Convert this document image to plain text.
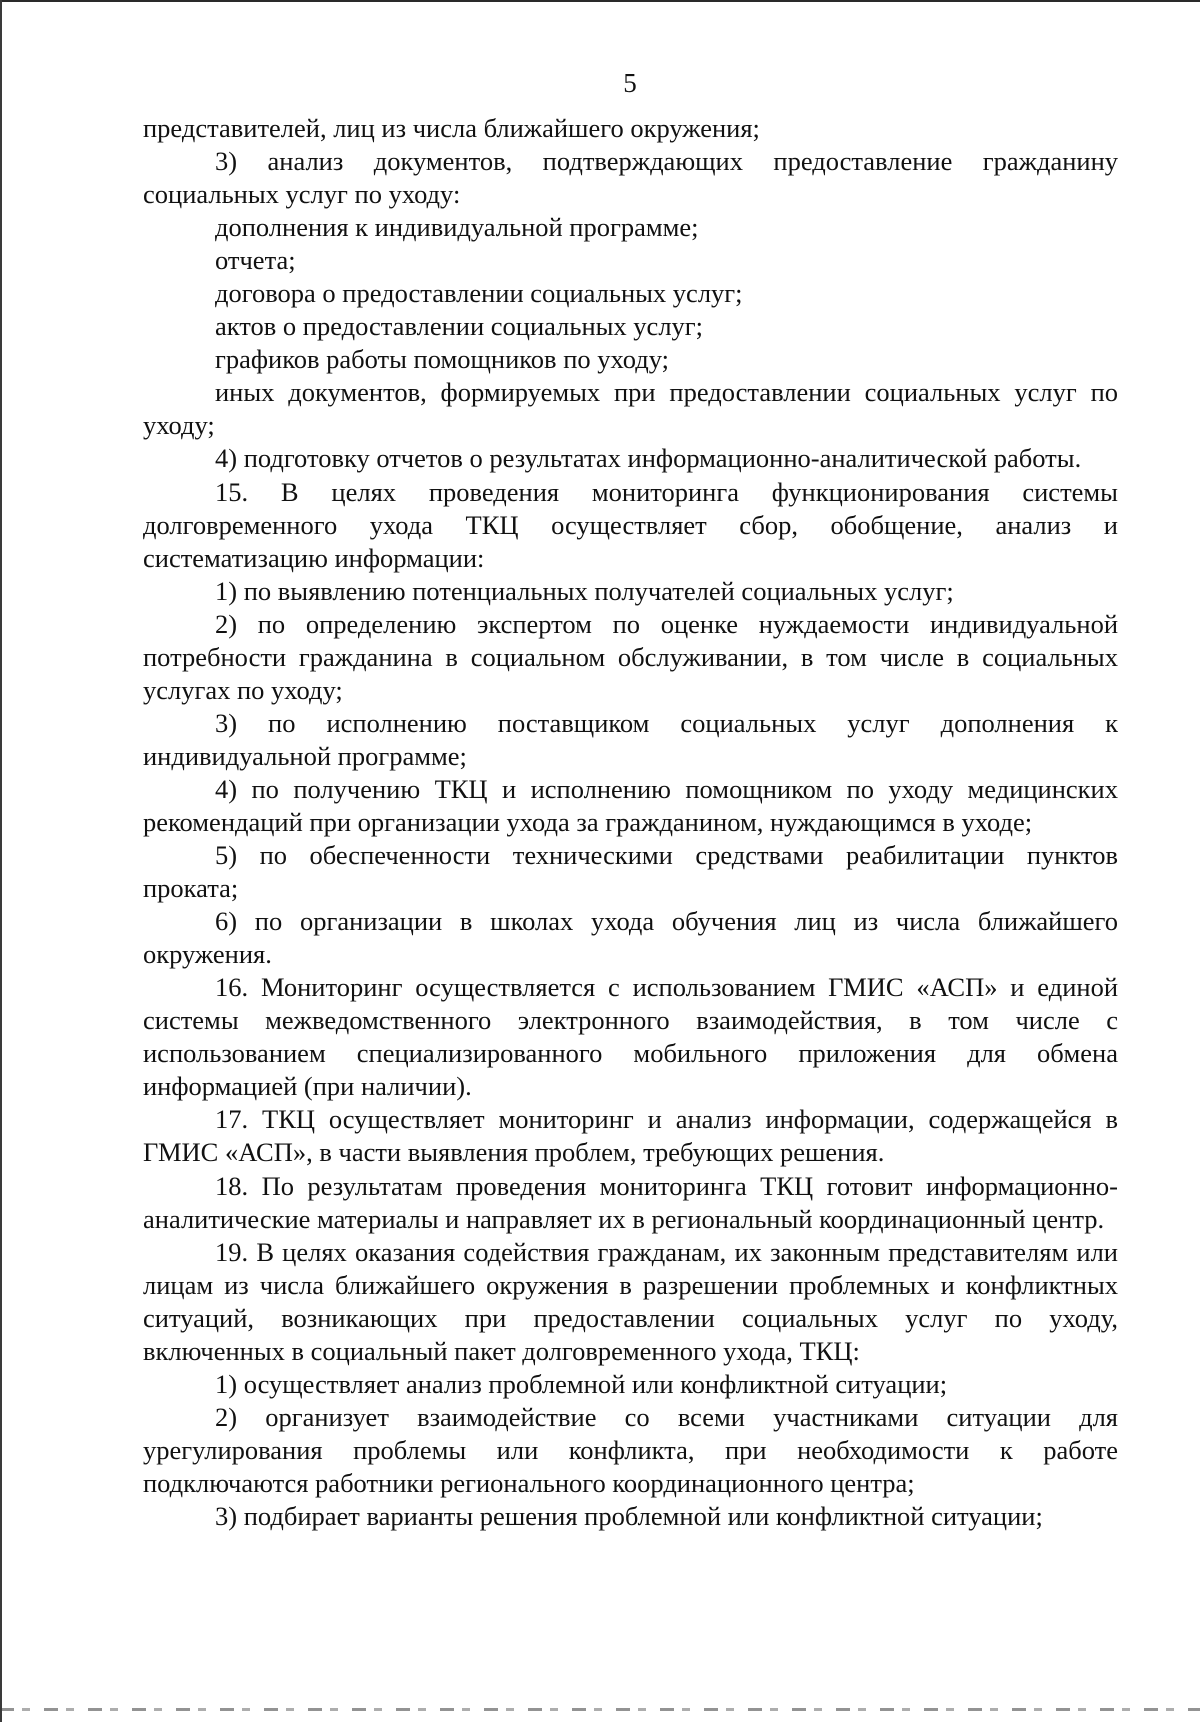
5

представителей, лиц из числа ближайшего окружения;

3) анализ документов, подтверждающих предоставление гражданину социальных услуг по уходу:

дополнения к индивидуальной программе;

отчета;

договора о предоставлении социальных услуг;

актов о предоставлении социальных услуг;

графиков работы помощников по уходу;

иных документов, формируемых при предоставлении социальных услуг по уходу;

4) подготовку отчетов о результатах информационно-аналитической работы.

15. В целях проведения мониторинга функционирования системы долговременного ухода ТКЦ осуществляет сбор, обобщение, анализ и систематизацию информации:

1) по выявлению потенциальных получателей социальных услуг;

2) по определению экспертом по оценке нуждаемости индивидуальной потребности гражданина в социальном обслуживании, в том числе в социальных услугах по уходу;

3) по исполнению поставщиком социальных услуг дополнения к индивидуальной программе;

4) по получению ТКЦ и исполнению помощником по уходу медицинских рекомендаций при организации ухода за гражданином, нуждающимся в уходе;

5) по обеспеченности техническими средствами реабилитации пунктов проката;

6) по организации в школах ухода обучения лиц из числа ближайшего окружения.

16. Мониторинг осуществляется с использованием ГМИС «АСП» и единой системы межведомственного электронного взаимодействия, в том числе с использованием специализированного мобильного приложения для обмена информацией (при наличии).

17. ТКЦ осуществляет мониторинг и анализ информации, содержащейся в ГМИС «АСП», в части выявления проблем, требующих решения.

18. По результатам проведения мониторинга ТКЦ готовит информационно-аналитические материалы и направляет их в региональный координационный центр.

19. В целях оказания содействия гражданам, их законным представителям или лицам из числа ближайшего окружения в разрешении проблемных и конфликтных ситуаций, возникающих при предоставлении социальных услуг по уходу, включенных в социальный пакет долговременного ухода, ТКЦ:

1) осуществляет анализ проблемной или конфликтной ситуации;

2) организует взаимодействие со всеми участниками ситуации для урегулирования проблемы или конфликта, при необходимости к работе подключаются работники регионального координационного центра;

3) подбирает варианты решения проблемной или конфликтной ситуации;
